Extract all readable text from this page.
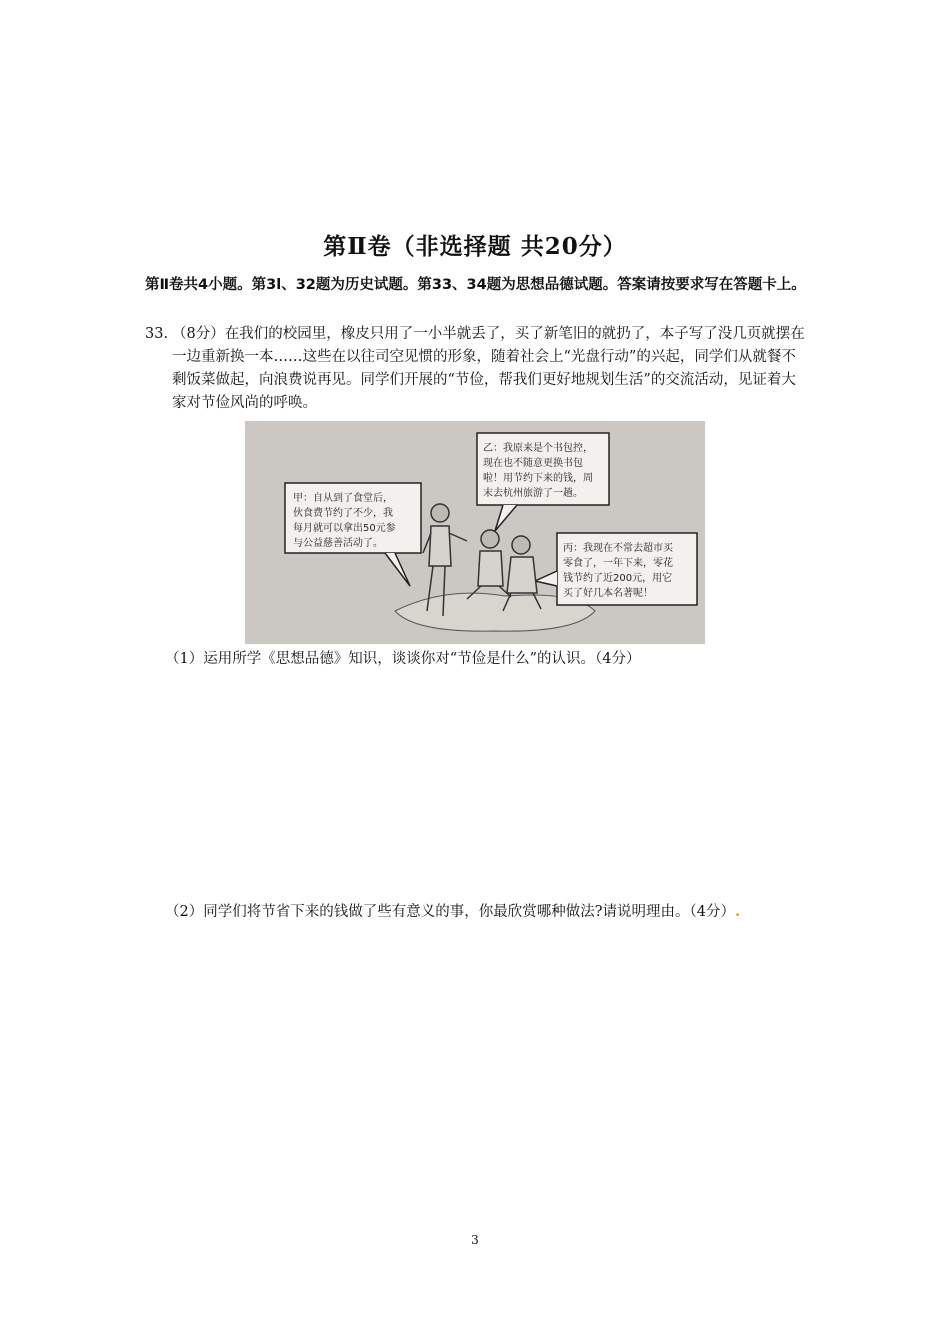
第Ⅱ卷（非选择题 共20分）
第Ⅱ卷共4小题。第3l、32题为历史试题。第33、34题为思想品德试题。答案请按要求写在答题卡上。
33. （8分）在我们的校园里，橡皮只用了一小半就丢了，买了新笔旧的就扔了，本子写了没几页就摆在一边重新换一本……这些在以往司空见惯的形象，随着社会上“光盘行动”的兴起，同学们从就餐不剩饭菜做起，向浪费说再见。同学们开展的“节俭，帮我们更好地规划生活”的交流活动，见证着大家对节俭风尚的呼唤。
甲：自从到了食堂后，
伙食费节约了不少，我
每月就可以拿出50元参
与公益慈善活动了。
乙：我原来是个书包控，
现在也不随意更换书包
啦！用节约下来的钱，周
末去杭州旅游了一趟。
丙：我现在不常去超市买
零食了，一年下来，零花
钱节约了近200元，用它
买了好几本名著呢！
（1）运用所学《思想品德》知识，谈谈你对“节俭是什么”的认识。（4分）
（2）同学们将节省下来的钱做了些有意义的事，你最欣赏哪种做法?请说明理由。（4分）.
3
